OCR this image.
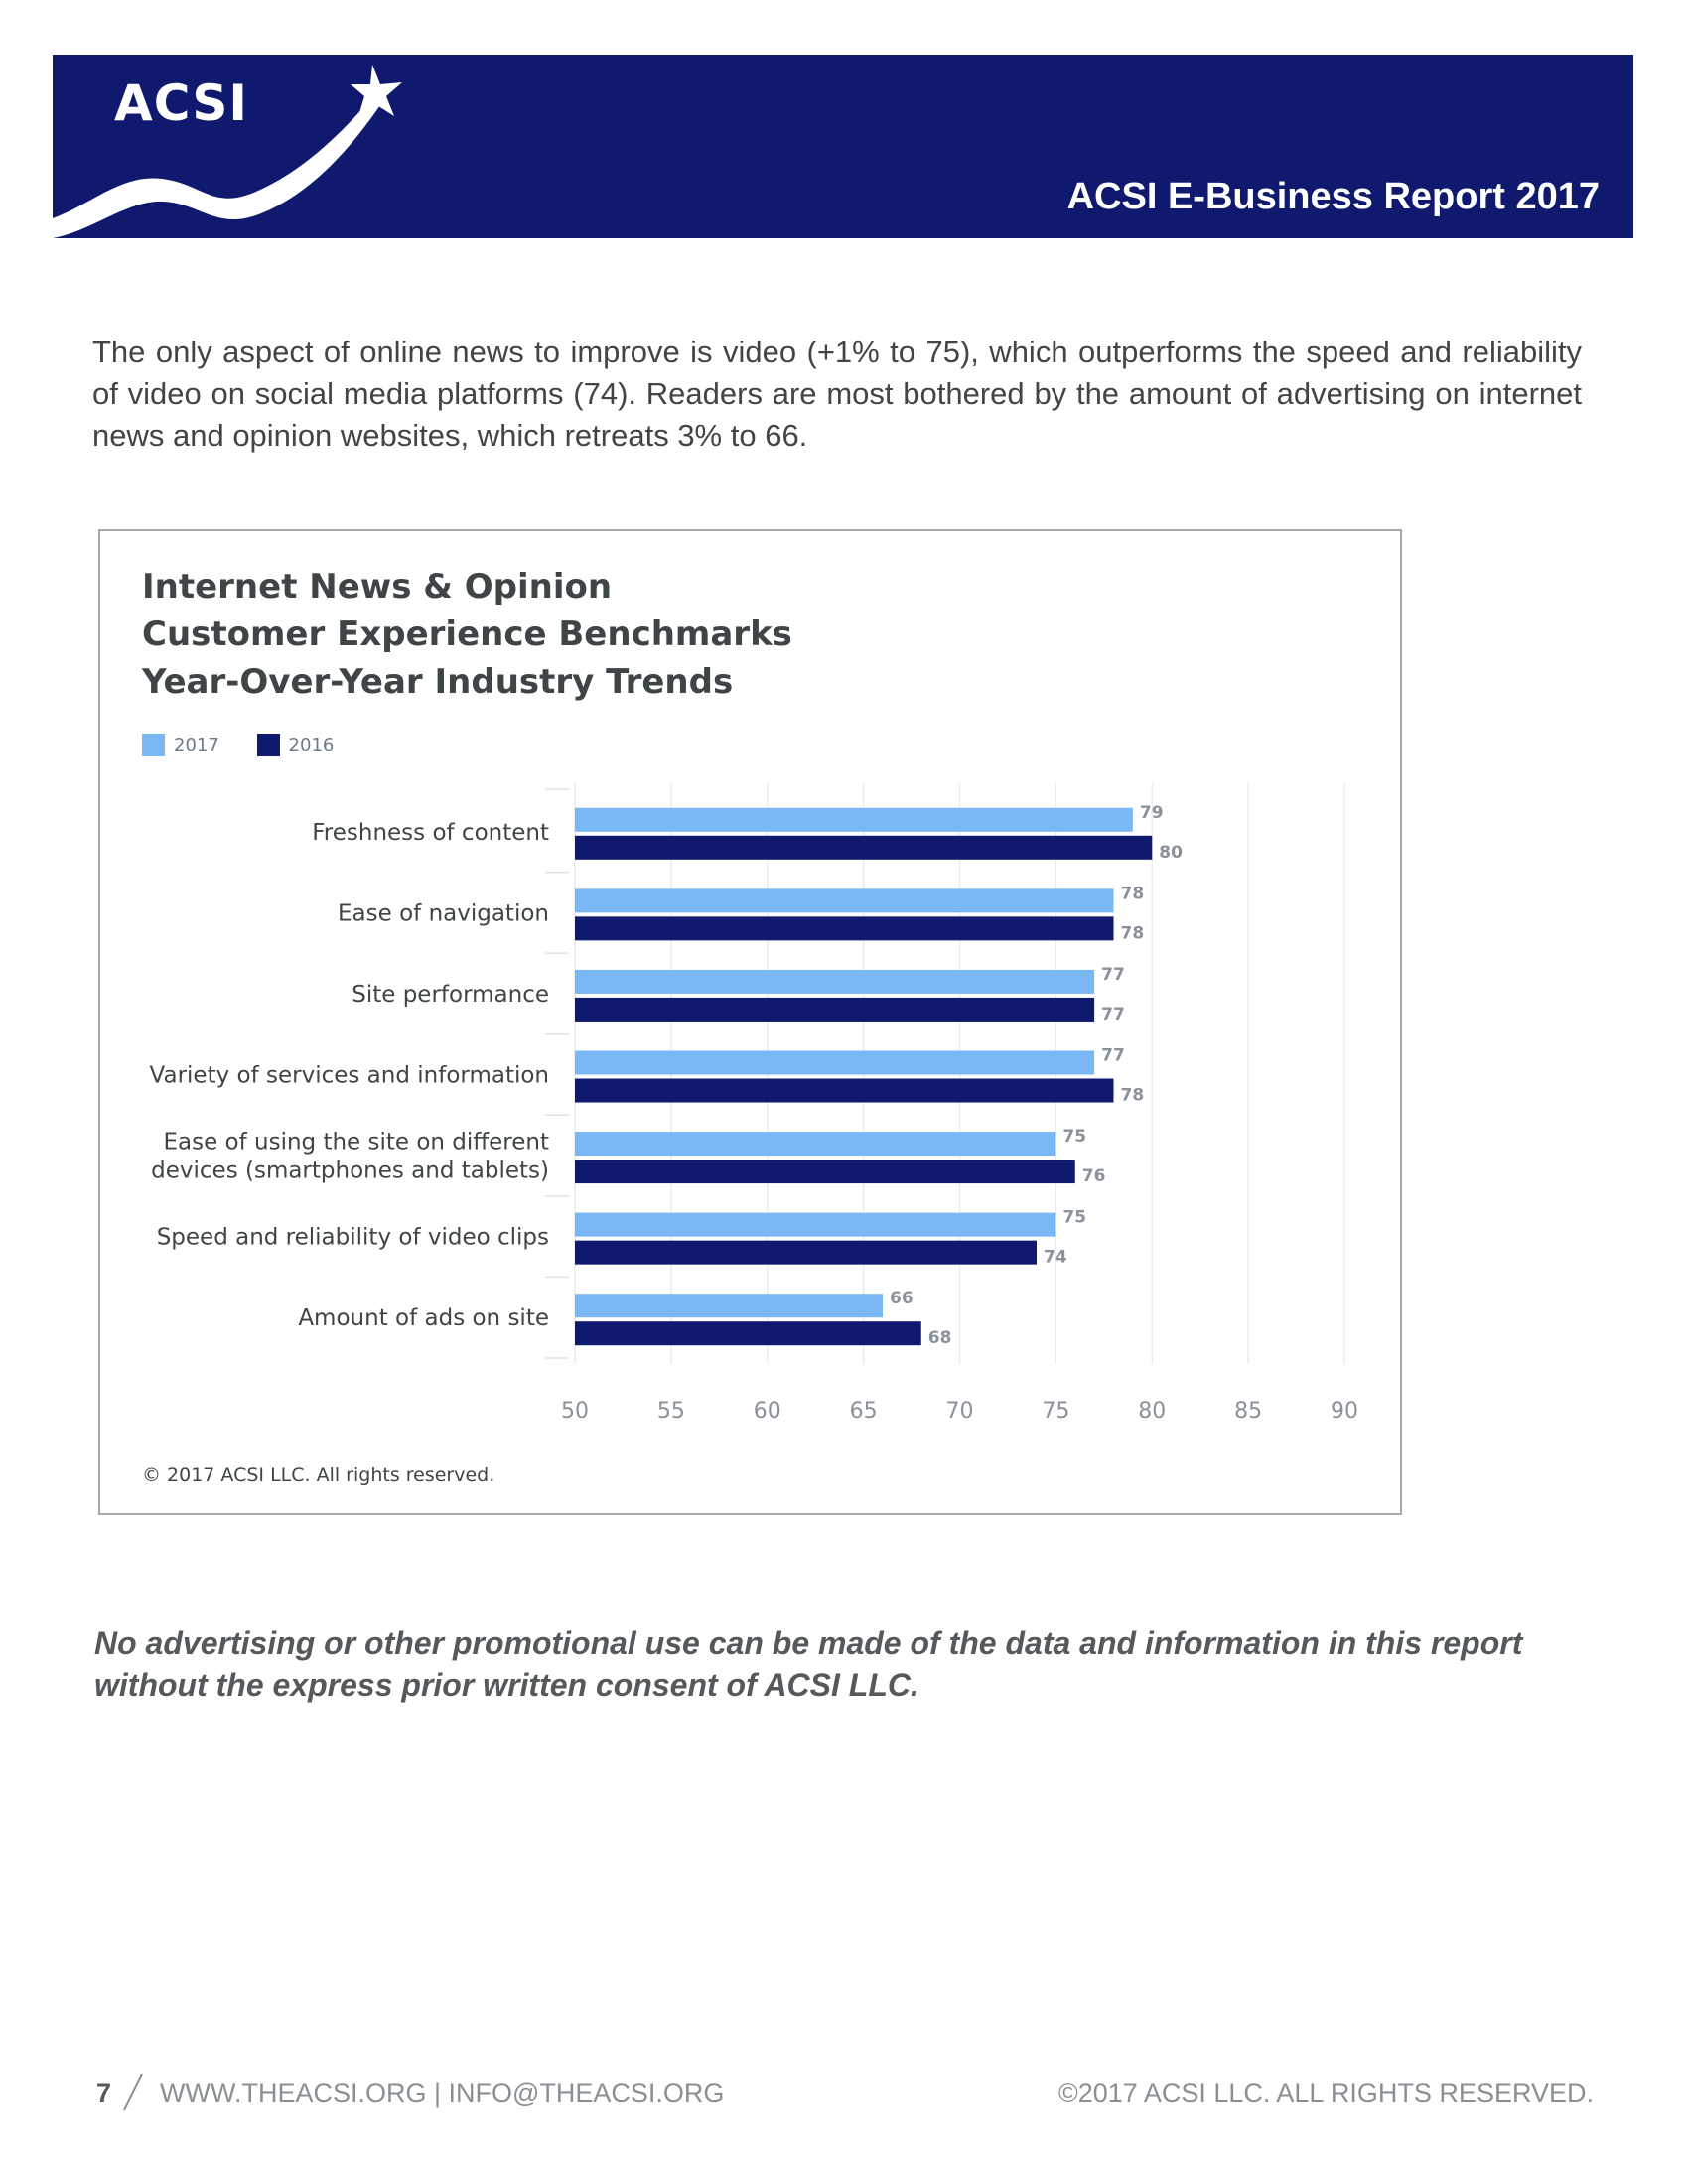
ACSI
ACSI E-Business Report 2017
The only aspect of online news to improve is video (+1% to 75), which outperforms the speed and reliability of video on social media platforms (74). Readers are most bothered by the amount of advertising on internet news and opinion websites, which retreats 3% to 66.
Internet News & Opinion
Customer Experience Benchmarks
Year-Over-Year Industry Trends
2017
	2016
50	55	60	65	70	75	80	85	90
Freshness of content
79
80
Ease of navigation
78
78
Site performance
77
77
Variety of services and information
77
78
Ease of using the site on different
devices (smartphones and tablets)
75
76
Speed and reliability of video clips
75
74
Amount of ads on site
66
68
© 2017 ACSI LLC. All rights reserved.
No advertising or other promotional use can be made of the data and information in this report without the express prior written consent of ACSI LLC.
7 WWW.THEACSI.ORG | INFO@THEACSI.ORG	©2017 ACSI LLC. ALL RIGHTS RESERVED.
